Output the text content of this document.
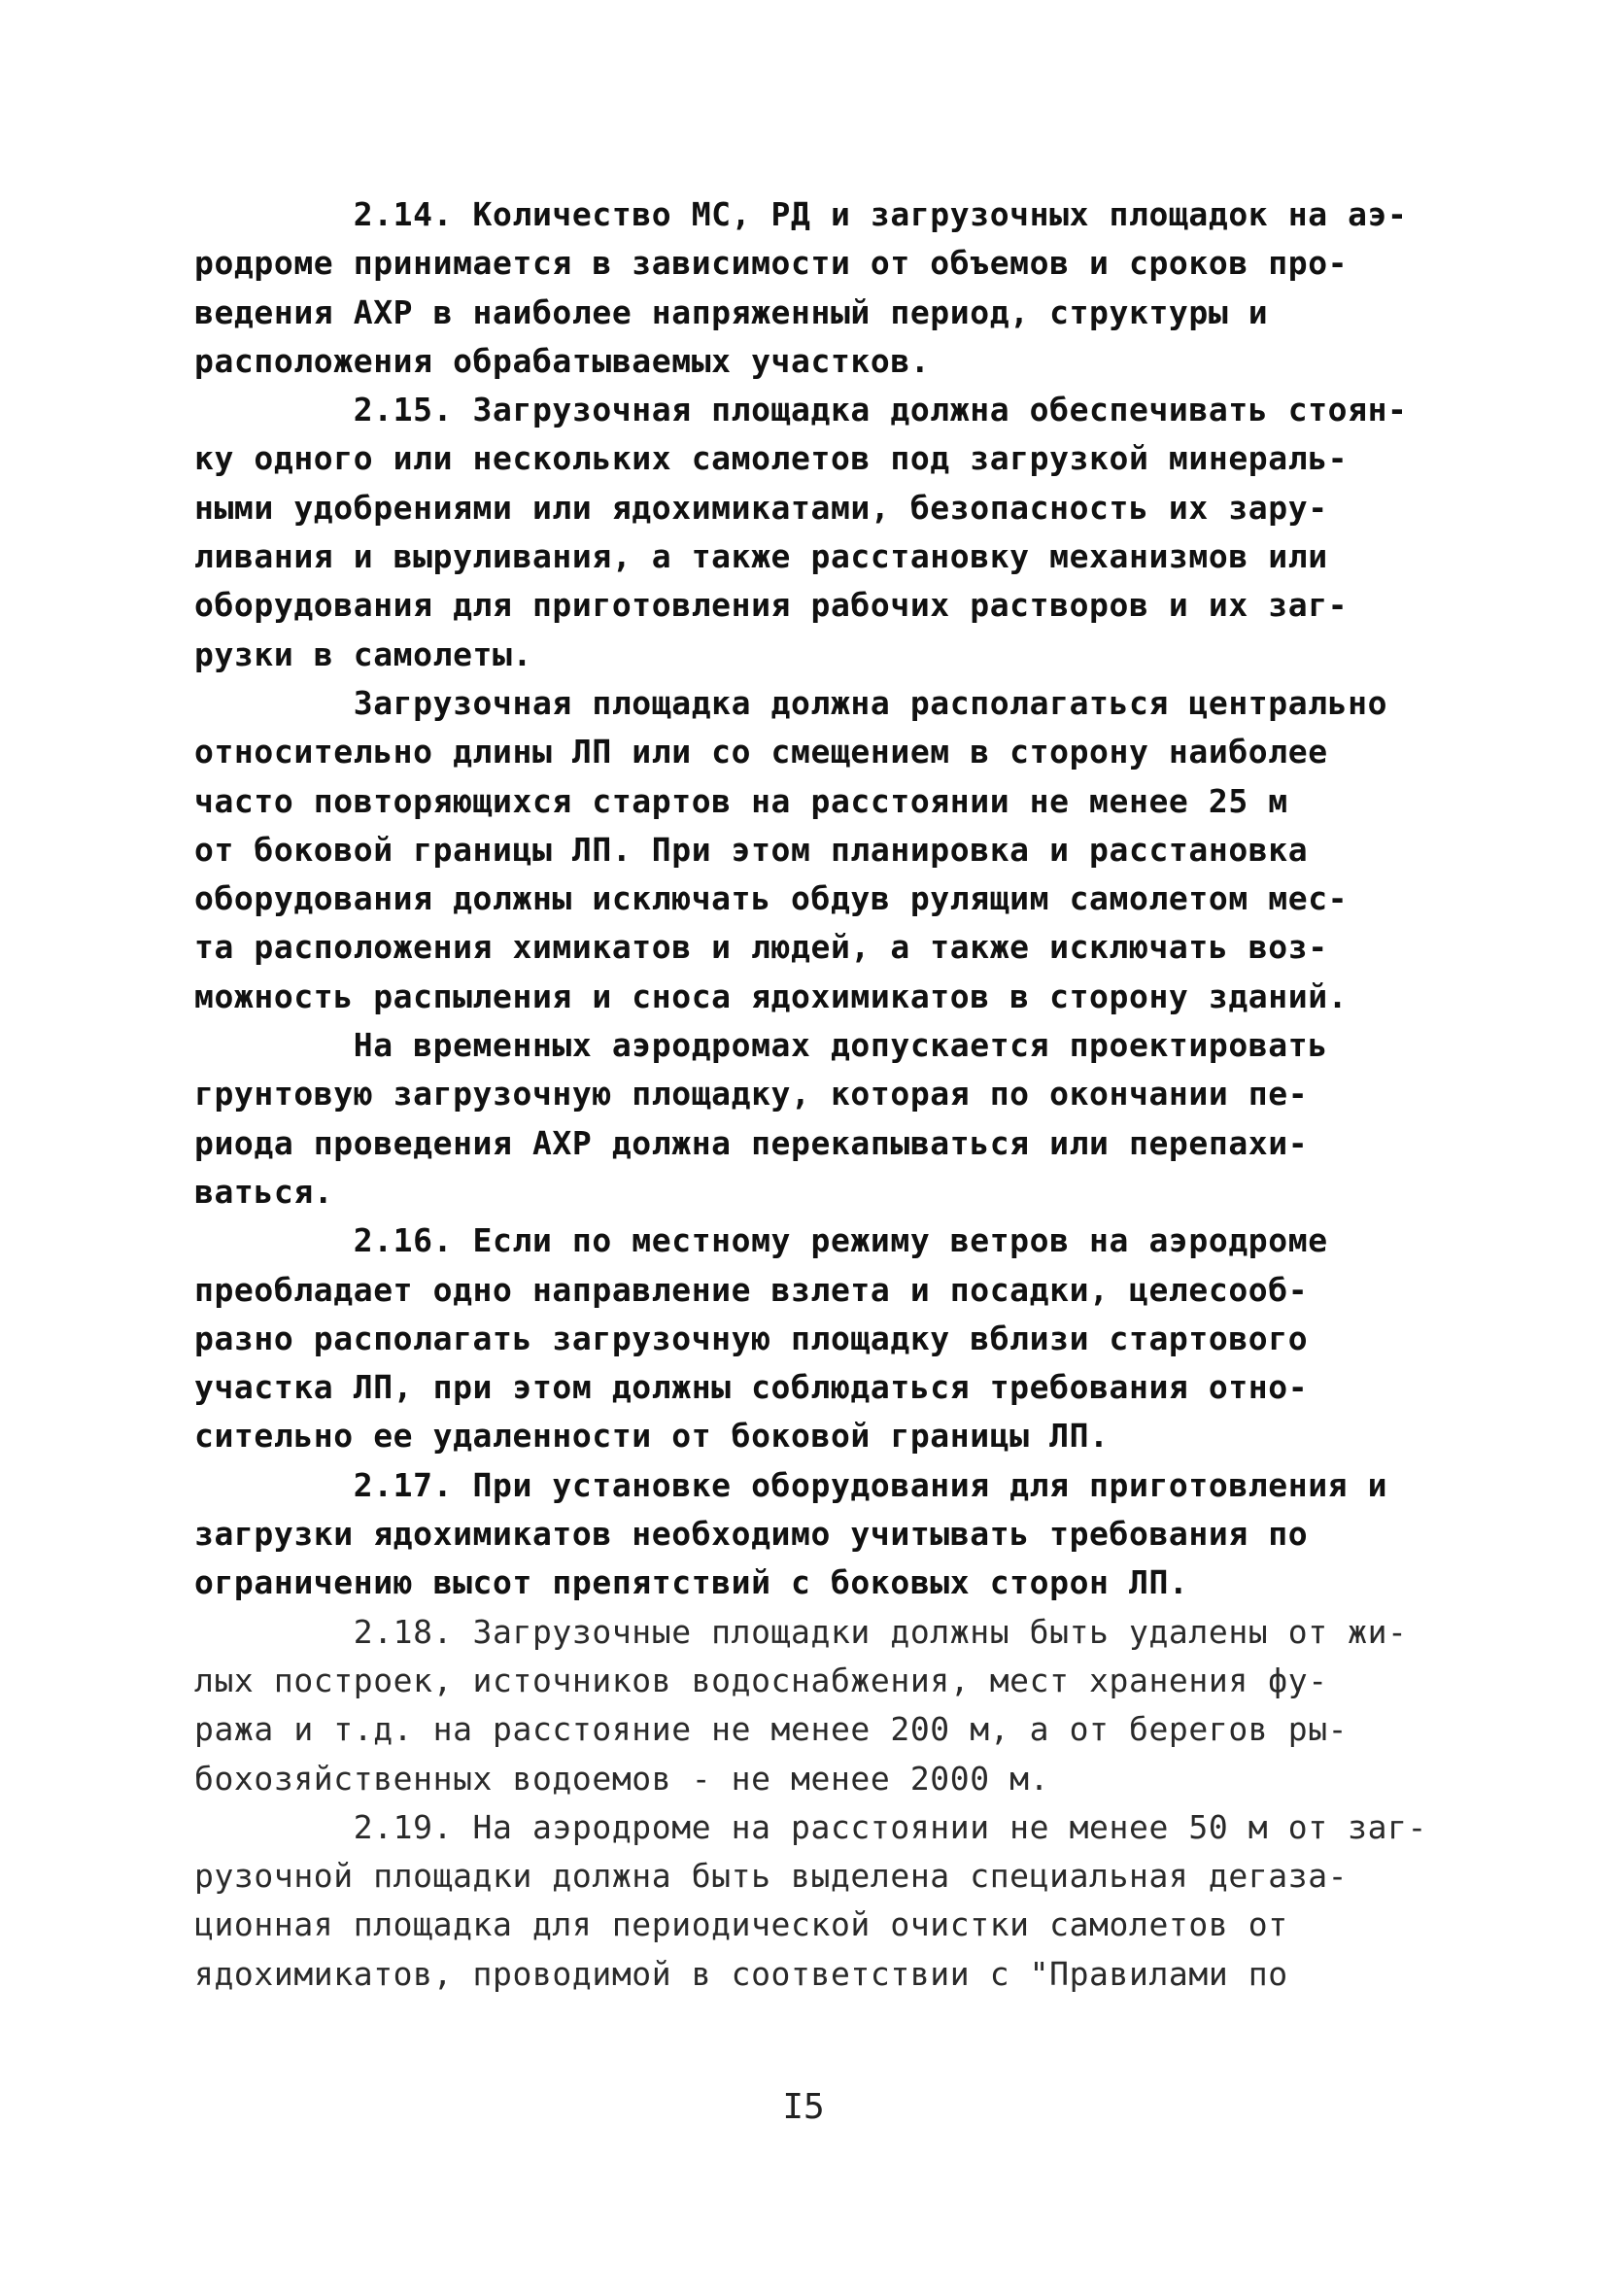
2.14. Количество МС, РД и загрузочных площадок на аэ-
родроме принимается в зависимости от объемов и сроков про-
ведения АХР в наиболее напряженный период, структуры и
расположения обрабатываемых участков.
2.15. Загрузочная площадка должна обеспечивать стоян-
ку одного или нескольких самолетов под загрузкой минераль-
ными удобрениями или ядохимикатами, безопасность их зару-
ливания и выруливания, а также расстановку механизмов или
оборудования для приготовления рабочих растворов и их заг-
рузки в самолеты.
Загрузочная площадка должна располагаться центрально
относительно длины ЛП или со смещением в сторону наиболее
часто повторяющихся стартов на расстоянии не менее 25 м
от боковой границы ЛП. При этом планировка и расстановка
оборудования должны исключать обдув рулящим самолетом мес-
та расположения химикатов и людей, а также исключать воз-
можность распыления и сноса ядохимикатов в сторону зданий.
На временных аэродромах допускается проектировать
грунтовую загрузочную площадку, которая по окончании пе-
риода проведения АХР должна перекапываться или перепахи-
ваться.
2.16. Если по местному режиму ветров на аэродроме
преобладает одно направление взлета и посадки, целесооб-
разно располагать загрузочную площадку вблизи стартового
участка ЛП, при этом должны соблюдаться требования отно-
сительно ее удаленности от боковой границы ЛП.
2.17. При установке оборудования для приготовления и
загрузки ядохимикатов необходимо учитывать требования по
ограничению высот препятствий с боковых сторон ЛП.
2.18. Загрузочные площадки должны быть удалены от жи-
лых построек, источников водоснабжения, мест хранения фу-
ража и т.д. на расстояние не менее 200 м, а от берегов ры-
бохозяйственных водоемов - не менее 2000 м.
2.19. На аэродроме на расстоянии не менее 50 м от заг-
рузочной площадки должна быть выделена специальная дегаза-
ционная площадка для периодической очистки самолетов от
ядохимикатов, проводимой в соответствии с "Правилами по
I5
